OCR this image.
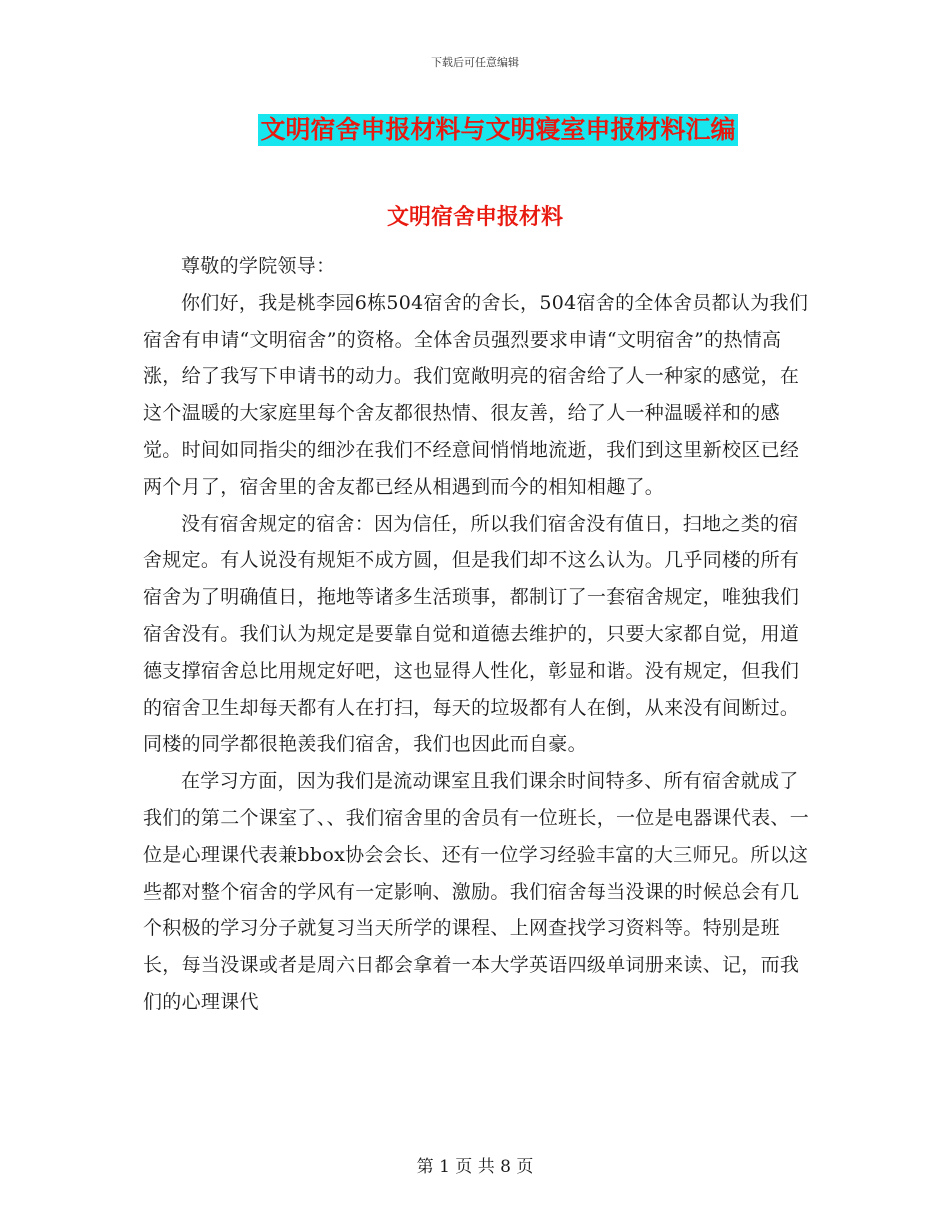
下载后可任意编辑
文明宿舍申报材料与文明寝室申报材料汇编
文明宿舍申报材料

尊敬的学院领导：

你们好，我是桃李园6栋504宿舍的舍长，504宿舍的全体舍员都认为我们宿舍有申请“文明宿舍”的资格。全体舍员强烈要求申请“文明宿舍”的热情高涨，给了我写下申请书的动力。我们宽敞明亮的宿舍给了人一种家的感觉，在这个温暖的大家庭里每个舍友都很热情、很友善，给了人一种温暖祥和的感觉。时间如同指尖的细沙在我们不经意间悄悄地流逝，我们到这里新校区已经两个月了，宿舍里的舍友都已经从相遇到而今的相知相趣了。

没有宿舍规定的宿舍：因为信任，所以我们宿舍没有值日，扫地之类的宿舍规定。有人说没有规矩不成方圆，但是我们却不这么认为。几乎同楼的所有宿舍为了明确值日，拖地等诸多生活琐事，都制订了一套宿舍规定，唯独我们宿舍没有。我们认为规定是要靠自觉和道德去维护的，只要大家都自觉，用道德支撑宿舍总比用规定好吧，这也显得人性化，彰显和谐。没有规定，但我们的宿舍卫生却每天都有人在打扫，每天的垃圾都有人在倒，从来没有间断过。同楼的同学都很艳羡我们宿舍，我们也因此而自豪。

在学习方面，因为我们是流动课室且我们课余时间特多、所有宿舍就成了我们的第二个课室了、、我们宿舍里的舍员有一位班长，一位是电器课代表、一位是心理课代表兼bbox协会会长、还有一位学习经验丰富的大三师兄。所以这些都对整个宿舍的学风有一定影响、激励。我们宿舍每当没课的时候总会有几个积极的学习分子就复习当天所学的课程、上网查找学习资料等。特别是班长，每当没课或者是周六日都会拿着一本大学英语四级单词册来读、记，而我们的心理课代

第 1 页 共 8 页
